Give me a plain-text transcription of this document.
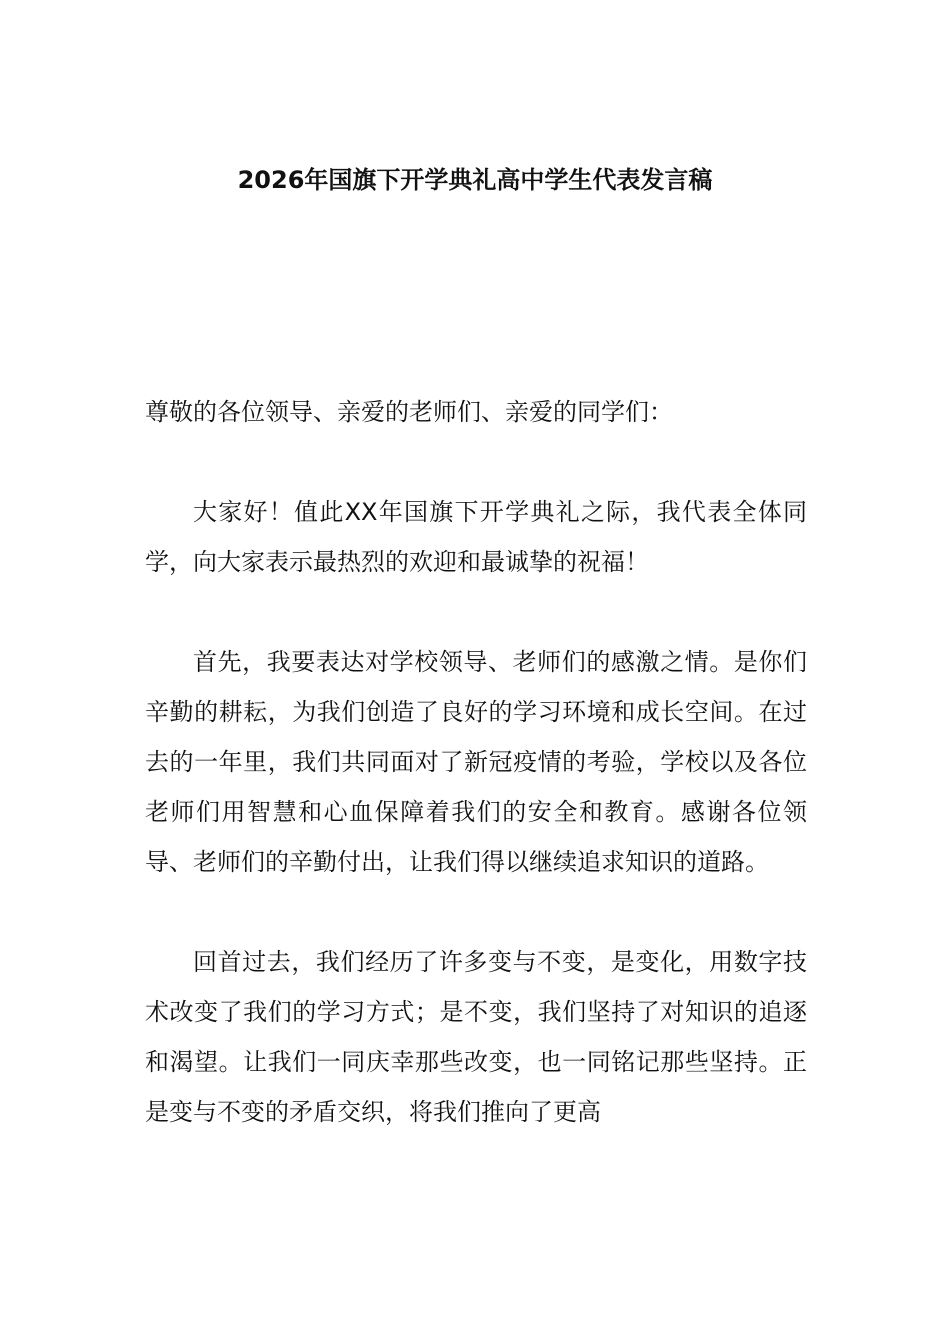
2026年国旗下开学典礼高中学生代表发言稿

尊敬的各位领导、亲爱的老师们、亲爱的同学们：

大家好！值此XX年国旗下开学典礼之际，我代表全体同学，向大家表示最热烈的欢迎和最诚挚的祝福！

首先，我要表达对学校领导、老师们的感激之情。是你们辛勤的耕耘，为我们创造了良好的学习环境和成长空间。在过去的一年里，我们共同面对了新冠疫情的考验，学校以及各位老师们用智慧和心血保障着我们的安全和教育。感谢各位领导、老师们的辛勤付出，让我们得以继续追求知识的道路。

回首过去，我们经历了许多变与不变，是变化，用数字技术改变了我们的学习方式；是不变，我们坚持了对知识的追逐和渴望。让我们一同庆幸那些改变，也一同铭记那些坚持。正是变与不变的矛盾交织，将我们推向了更高
